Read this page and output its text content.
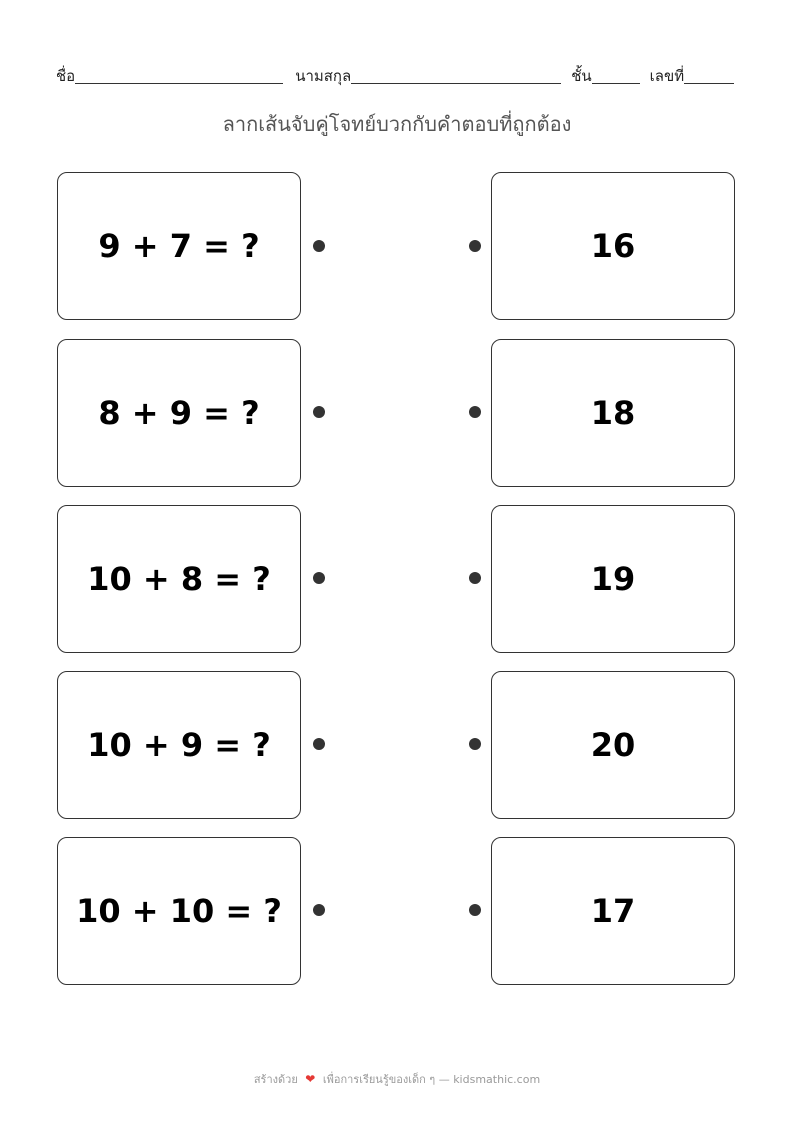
ชื่อ	นามสกุล	ชั้น	เลขที่
ลากเส้นจับคู่โจทย์บวกกับคำตอบที่ถูกต้อง
9 + 7 = ?
8 + 9 = ?
10 + 8 = ?
10 + 9 = ?
10 + 10 = ?
16
18
19
20
17
สร้างด้วย ❤ เพื่อการเรียนรู้ของเด็ก ๆ — kidsmathic.com
